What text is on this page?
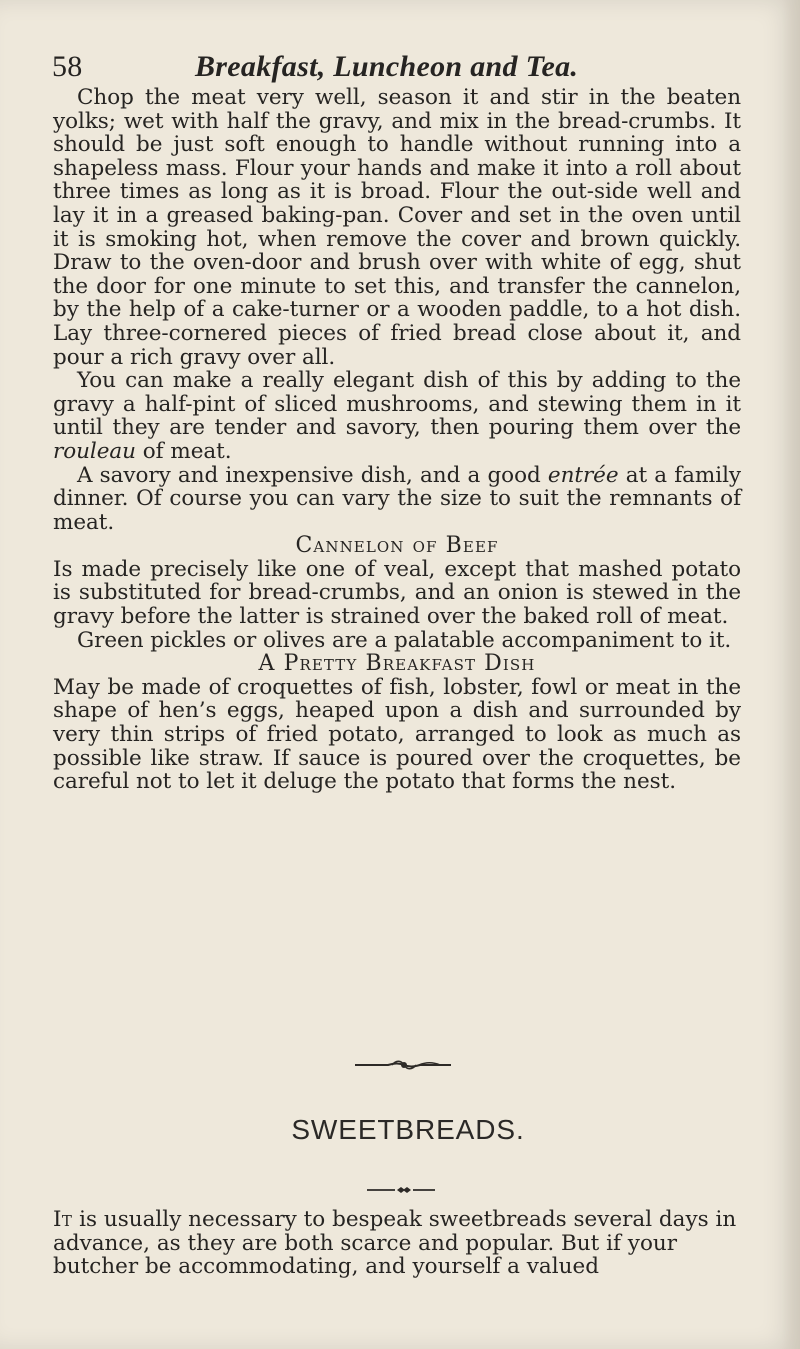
58	Breakfast, Luncheon and Tea.

Chop the meat very well, season it and stir in the beaten yolks; wet with half the gravy, and mix in the bread-crumbs. It should be just soft enough to handle without running into a shapeless mass. Flour your hands and make it into a roll about three times as long as it is broad. Flour the out-side well and lay it in a greased baking-pan. Cover and set in the oven until it is smoking hot, when remove the cover and brown quickly. Draw to the oven-door and brush over with white of egg, shut the door for one minute to set this, and transfer the cannelon, by the help of a cake-turner or a wooden paddle, to a hot dish. Lay three-cornered pieces of fried bread close about it, and pour a rich gravy over all.

You can make a really elegant dish of this by adding to the gravy a half-pint of sliced mushrooms, and stewing them in it until they are tender and savory, then pouring them over the rouleau of meat.

A savory and inexpensive dish, and a good entrée at a family dinner. Of course you can vary the size to suit the remnants of meat.

Cannelon of Beef

Is made precisely like one of veal, except that mashed potato is substituted for bread-crumbs, and an onion is stewed in the gravy before the latter is strained over the baked roll of meat.

Green pickles or olives are a palatable accompaniment to it.

A Pretty Breakfast Dish

May be made of croquettes of fish, lobster, fowl or meat in the shape of hen’s eggs, heaped upon a dish and surrounded by very thin strips of fried potato, arranged to look as much as possible like straw. If sauce is poured over the croquettes, be careful not to let it deluge the potato that forms the nest.

SWEETBREADS.
It is usually necessary to bespeak sweetbreads several days in advance, as they are both scarce and popular. But if your butcher be accommodating, and yourself a valued
